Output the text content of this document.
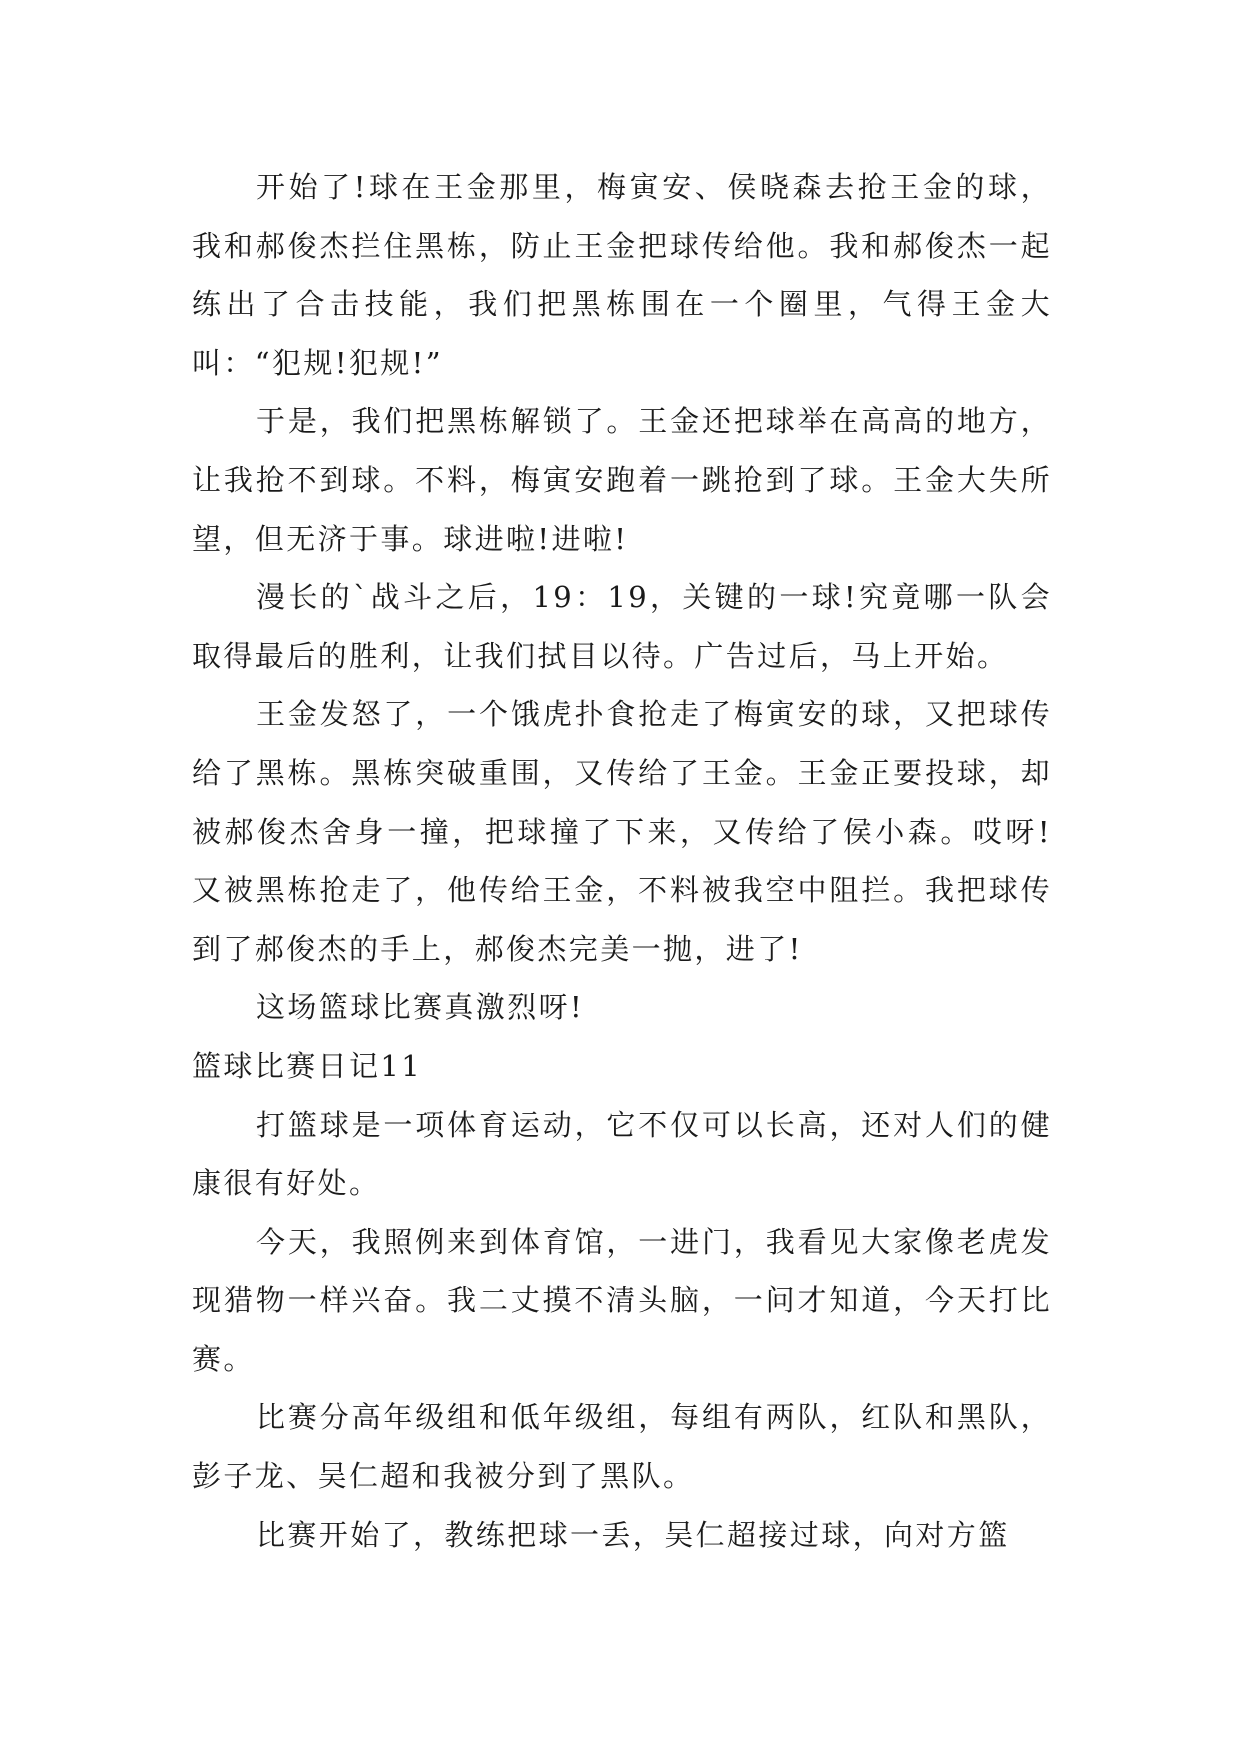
开始了!球在王金那里，梅寅安、侯晓森去抢王金的球，我和郝俊杰拦住黑栋，防止王金把球传给他。我和郝俊杰一起练出了合击技能，我们把黑栋围在一个圈里，气得王金大叫：“犯规!犯规!”

于是，我们把黑栋解锁了。王金还把球举在高高的地方，让我抢不到球。不料，梅寅安跑着一跳抢到了球。王金大失所望，但无济于事。球进啦!进啦!

漫长的`战斗之后，19：19，关键的一球!究竟哪一队会取得最后的胜利，让我们拭目以待。广告过后，马上开始。

王金发怒了，一个饿虎扑食抢走了梅寅安的球，又把球传给了黑栋。黑栋突破重围，又传给了王金。王金正要投球，却被郝俊杰舍身一撞，把球撞了下来，又传给了侯小森。哎呀!又被黑栋抢走了，他传给王金，不料被我空中阻拦。我把球传到了郝俊杰的手上，郝俊杰完美一抛，进了!

这场篮球比赛真激烈呀!

篮球比赛日记11

打篮球是一项体育运动，它不仅可以长高，还对人们的健康很有好处。

今天，我照例来到体育馆，一进门，我看见大家像老虎发现猎物一样兴奋。我二丈摸不清头脑，一问才知道，今天打比赛。

比赛分高年级组和低年级组，每组有两队，红队和黑队，彭子龙、吴仁超和我被分到了黑队。

比赛开始了，教练把球一丢，吴仁超接过球，向对方篮
